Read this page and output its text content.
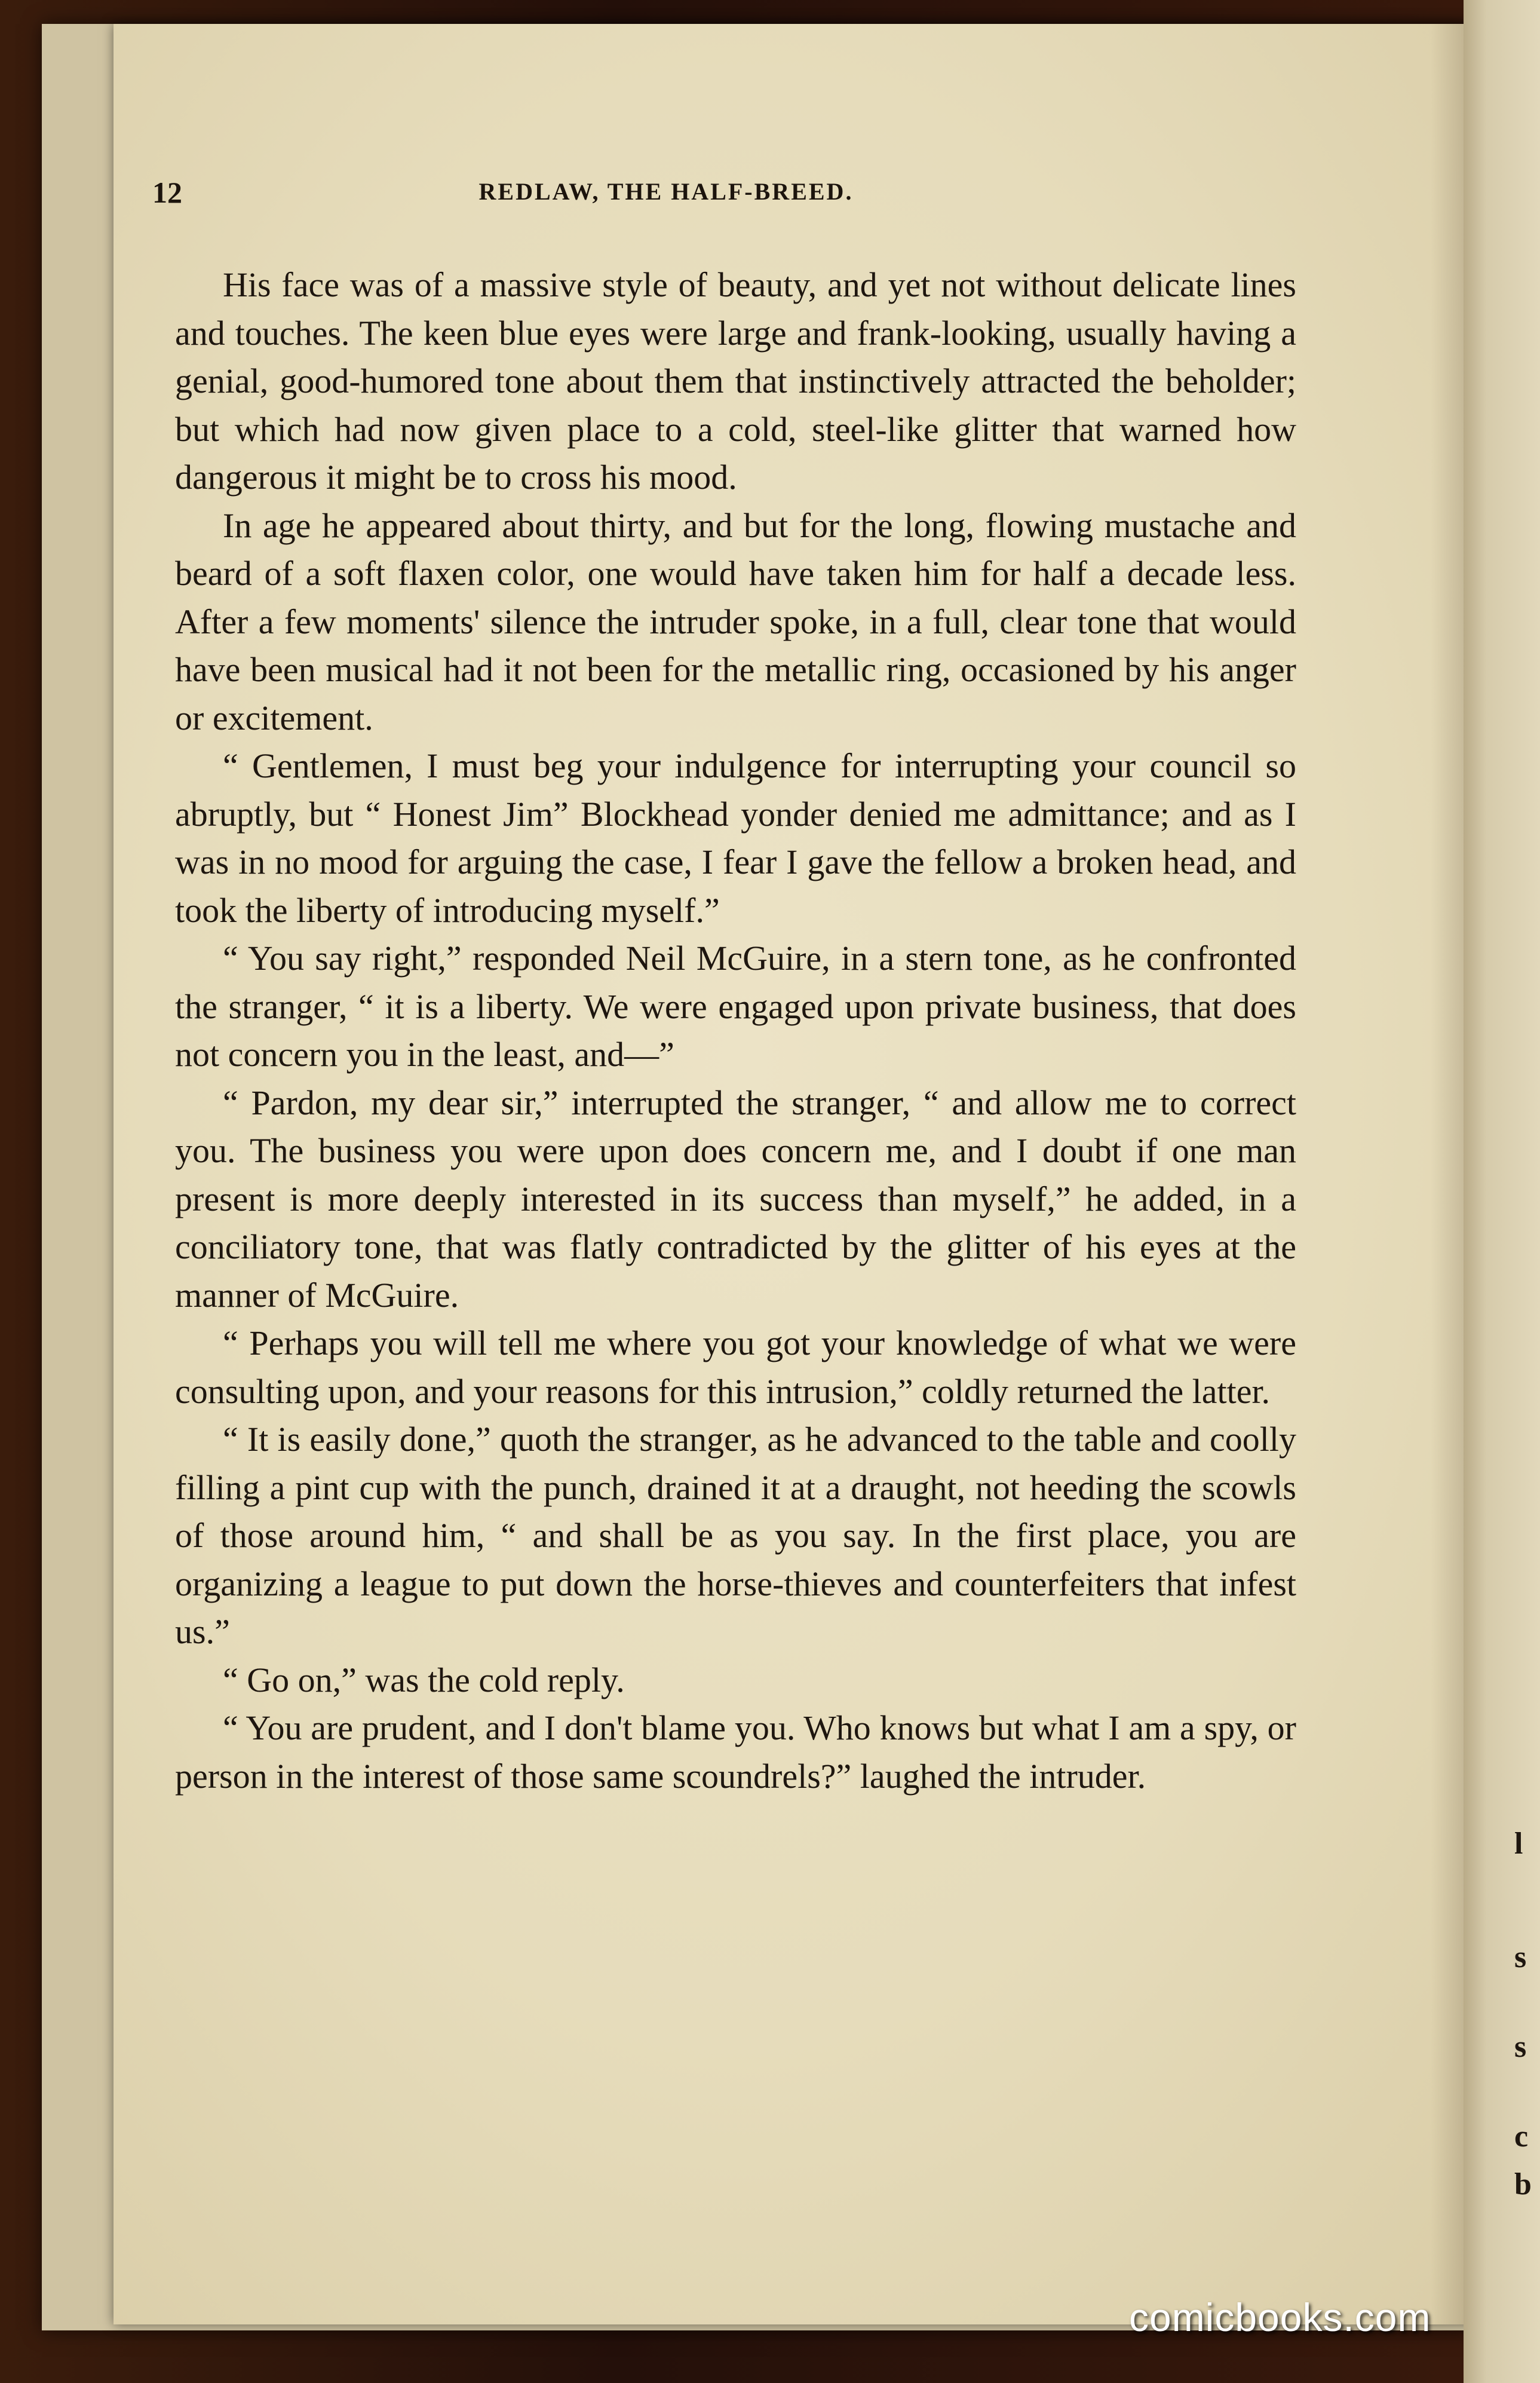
12	REDLAW, THE HALF-BREED.

His face was of a massive style of beauty, and yet not without delicate lines and touches. The keen blue eyes were large and frank-looking, usually having a genial, good-humored tone about them that instinctively attracted the beholder; but which had now given place to a cold, steel-like glitter that warned how dangerous it might be to cross his mood.

In age he appeared about thirty, and but for the long, flowing mustache and beard of a soft flaxen color, one would have taken him for half a decade less. After a few moments' silence the intruder spoke, in a full, clear tone that would have been musical had it not been for the metallic ring, occasioned by his anger or excitement.

“ Gentlemen, I must beg your indulgence for interrupting your council so abruptly, but “ Honest Jim” Blockhead yonder denied me admittance; and as I was in no mood for arguing the case, I fear I gave the fellow a broken head, and took the liberty of introducing myself.”

“ You say right,” responded Neil McGuire, in a stern tone, as he confronted the stranger, “ it is a liberty. We were engaged upon private business, that does not concern you in the least, and—”

“ Pardon, my dear sir,” interrupted the stranger, “ and allow me to correct you. The business you were upon does concern me, and I doubt if one man present is more deeply interested in its success than myself,” he added, in a conciliatory tone, that was flatly contradicted by the glitter of his eyes at the manner of McGuire.

“ Perhaps you will tell me where you got your knowledge of what we were consulting upon, and your reasons for this intrusion,” coldly returned the latter.

“ It is easily done,” quoth the stranger, as he advanced to the table and coolly filling a pint cup with the punch, drained it at a draught, not heeding the scowls of those around him, “ and shall be as you say. In the first place, you are organizing a league to put down the horse-thieves and counterfeiters that infest us.”

“ Go on,” was the cold reply.

“ You are prudent, and I don't blame you. Who knows but what I am a spy, or person in the interest of those same scoundrels?” laughed the intruder.

l
s
s
c
b
comicbooks.com
